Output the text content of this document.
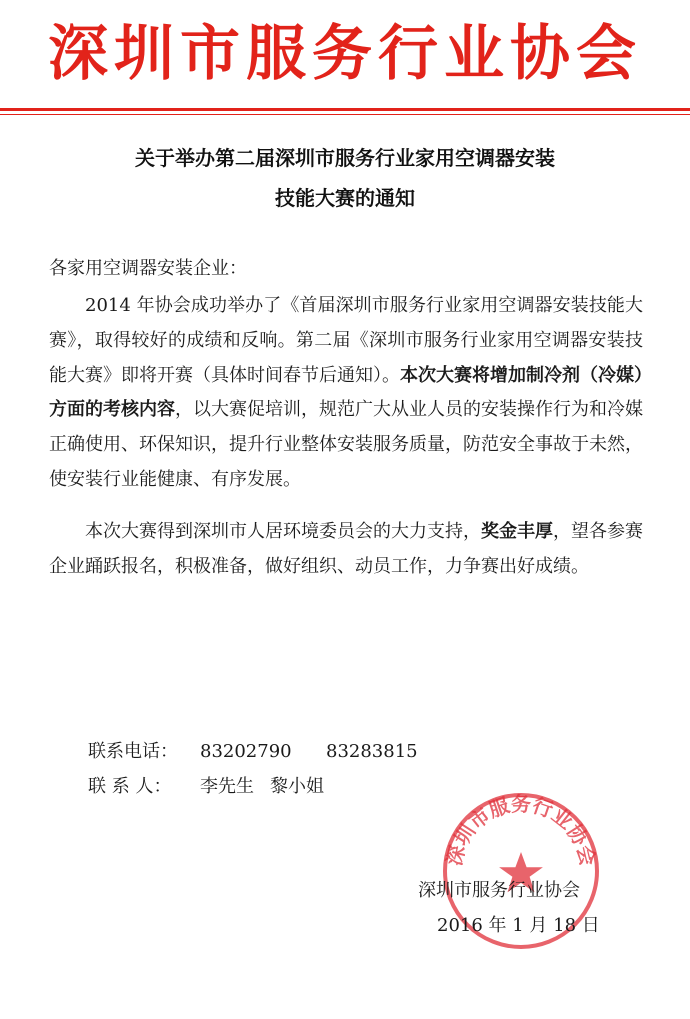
深圳市服务行业协会
关于举办第二届深圳市服务行业家用空调器安装
技能大赛的通知
各家用空调器安装企业：

2014 年协会成功举办了《首届深圳市服务行业家用空调器安装技能大赛》，取得较好的成绩和反响。第二届《深圳市服务行业家用空调器安装技能大赛》即将开赛（具体时间春节后通知）。本次大赛将增加制冷剂（冷媒）方面的考核内容，以大赛促培训，规范广大从业人员的安装操作行为和冷媒正确使用、环保知识，提升行业整体安装服务质量，防范安全事故于未然，使安装行业能健康、有序发展。

本次大赛得到深圳市人居环境委员会的大力支持，奖金丰厚，望各参赛企业踊跃报名，积极准备，做好组织、动员工作，力争赛出好成绩。

联系电话： 83202790 83283815
联 系 人： 李先生 黎小姐
深圳市服务行业协会
深圳市服务行业协会
2016 年 1 月 18 日
